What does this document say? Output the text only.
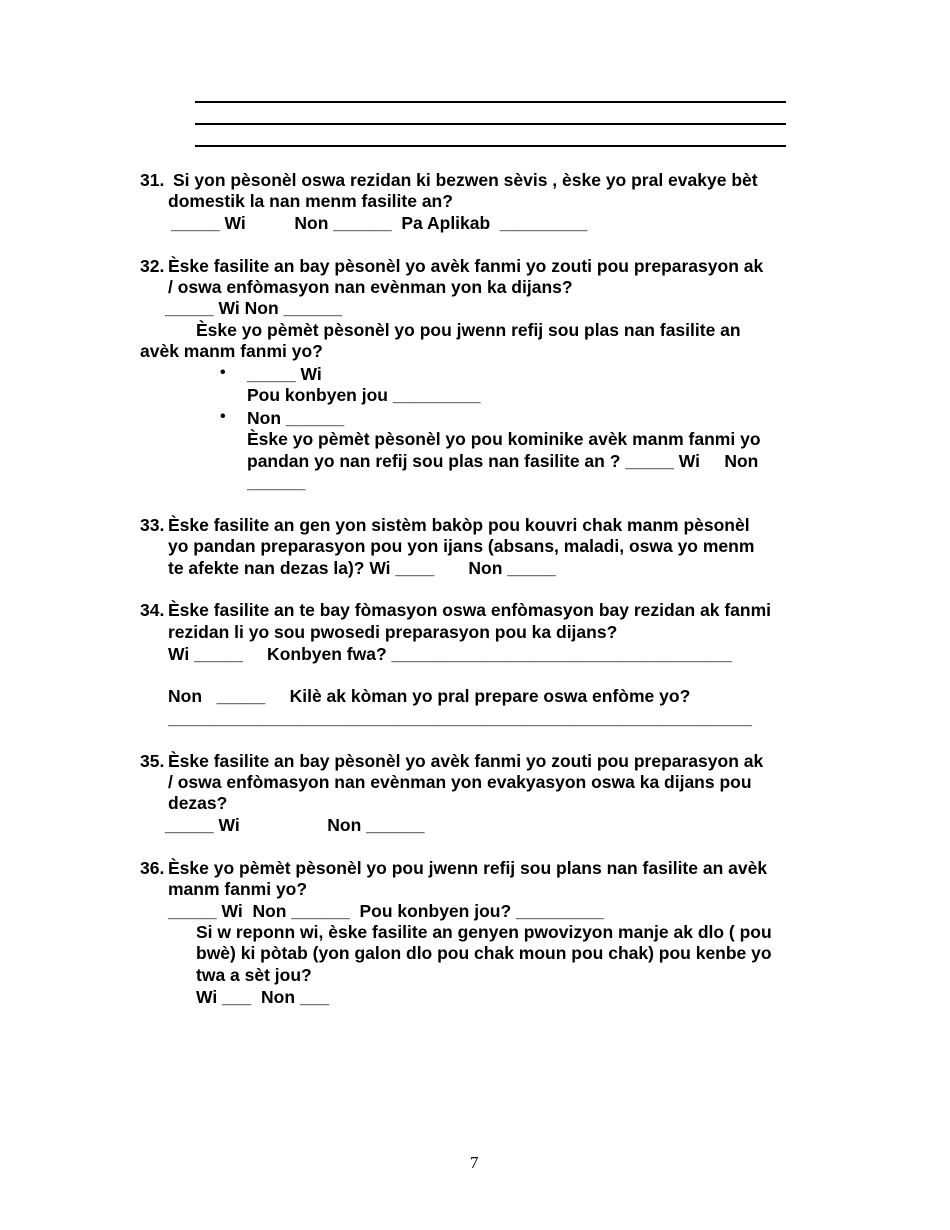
31. Si yon pèsonèl oswa rezidan ki bezwen sèvis , èske yo pral evakye bèt
domestik la nan menm fasilite an?
_____ Wi          Non ______  Pa Aplikab  _________
32. Èske fasilite an bay pèsonèl yo avèk fanmi yo zouti pou preparasyon ak
/ oswa enfòmasyon nan evènman yon ka dijans?
_____ Wi Non ______
Èske yo pèmèt pèsonèl yo pou jwenn refij sou plas nan fasilite an
avèk manm fanmi yo?
• _____ Wi
Pou konbyen jou _________
• Non ______
Èske yo pèmèt pèsonèl yo pou kominike avèk manm fanmi yo
pandan yo nan refij sou plas nan fasilite an ? _____ Wi     Non
______
33. Èske fasilite an gen yon sistèm bakòp pou kouvri chak manm pèsonèl
yo pandan preparasyon pou yon ijans (absans, maladi, oswa yo menm
te afekte nan dezas la)? Wi ____       Non _____
34. Èske fasilite an te bay fòmasyon oswa enfòmasyon bay rezidan ak fanmi
rezidan li yo sou pwosedi preparasyon pou ka dijans?
Wi _____     Konbyen fwa? ___________________________________
Non   _____     Kilè ak kòman yo pral prepare oswa enfòme yo?
____________________________________________________________
35. Èske fasilite an bay pèsonèl yo avèk fanmi yo zouti pou preparasyon ak
/ oswa enfòmasyon nan evènman yon evakyasyon oswa ka dijans pou
dezas?
_____ Wi                  Non ______
36. Èske yo pèmèt pèsonèl yo pou jwenn refij sou plans nan fasilite an avèk
manm fanmi yo?
_____ Wi  Non ______  Pou konbyen jou? _________
Si w reponn wi, èske fasilite an genyen pwovizyon manje ak dlo ( pou
bwè) ki pòtab (yon galon dlo pou chak moun pou chak) pou kenbe yo
twa a sèt jou?
Wi ___  Non ___
7
